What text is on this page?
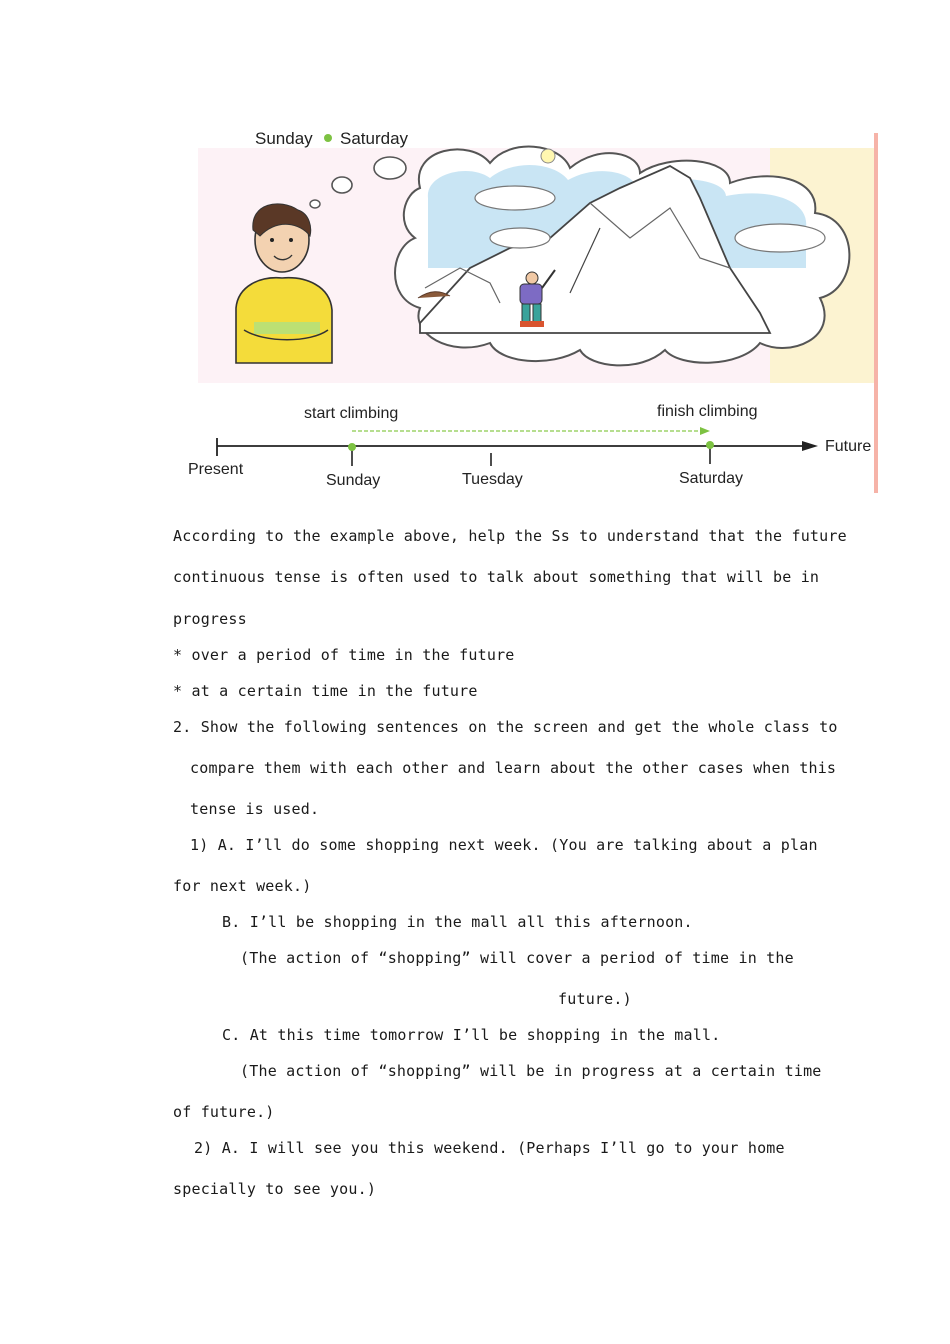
Sunday Saturday
start climbing	finish climbing
Present
Future
Sunday	Tuesday	Saturday
According to the example above, help the Ss to understand that the future
continuous tense is often used to talk about something that will be in
progress
* over a period of time in the future
* at a certain time in the future
2. Show the following sentences on the screen and get the whole class to
compare them with each other and learn about the other cases when this
tense is used.
1) A. I’ll do some shopping next week. (You are talking about a plan
for next week.)
B. I’ll be shopping in the mall all this afternoon.
(The action of “shopping” will cover a period of time in the
future.)
C. At this time tomorrow I’ll be shopping in the mall.
(The action of “shopping” will be in progress at a certain time
of future.)
2) A. I will see you this weekend. (Perhaps I’ll go to your home
specially to see you.)
